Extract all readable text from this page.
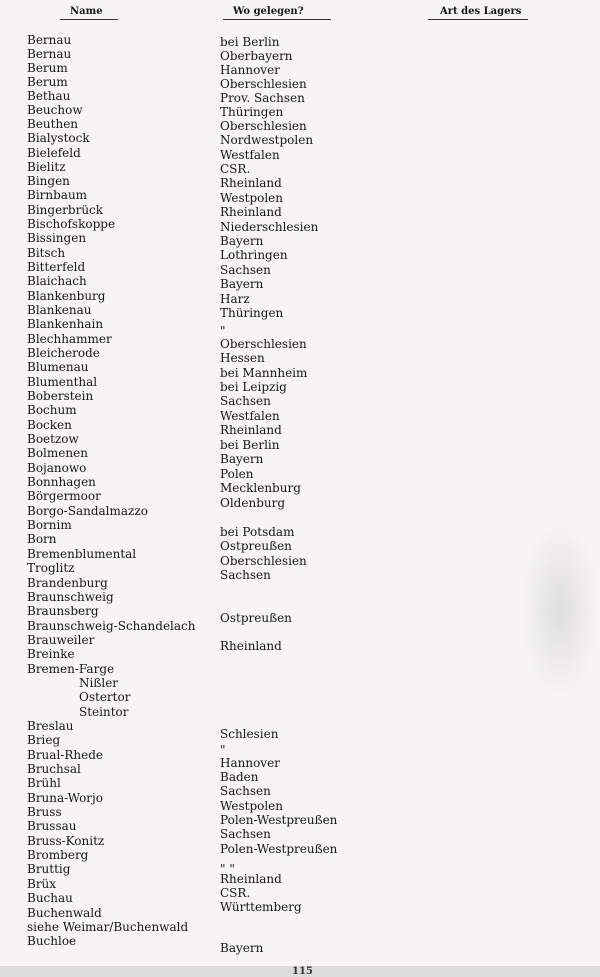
Name	Wo gelegen?	Art des Lagers
Bernau
Bernau
Berum
Berum
Bethau
Beuchow
Beuthen
Bialystock
Bielefeld
Bielitz
Bingen
Birnbaum
Bingerbrück
Bischofskoppe
Bissingen
Bitsch
Bitterfeld
Blaichach
Blankenburg
Blankenau
Blankenhain
Blechhammer
Bleicherode
Blumenau
Blumenthal
Boberstein
Bochum
Bocken
Boetzow
Bolmenen
Bojanowo
Bonnhagen
Börgermoor
Borgo-Sandalmazzo
Bornim
Born
Bremenblumental
Troglitz
Brandenburg
Braunschweig
Braunsberg
Braunschweig-Schandelach
Brauweiler
Breinke
Bremen-Farge
Nißler
Ostertor
Steintor
Breslau
Brieg
Brual-Rhede
Bruchsal
Brühl
Bruna-Worjo
Bruss
Brussau
Bruss-Konitz
Bromberg
Bruttig
Brüx
Buchau
Buchenwald
siehe Weimar/Buchenwald
Buchloe
bei Berlin
Oberbayern
Hannover
Oberschlesien
Prov. Sachsen
Thüringen
Oberschlesien
Nordwestpolen
Westfalen
CSR.
Rheinland
Westpolen
Rheinland
Niederschlesien
Bayern
Lothringen
Sachsen
Bayern
Harz
Thüringen
"
Oberschlesien
Hessen
bei Mannheim
bei Leipzig
Sachsen
Westfalen
Rheinland
bei Berlin
Bayern
Polen
Mecklenburg
Oldenburg
bei Potsdam
Ostpreußen
Oberschlesien
Sachsen
Ostpreußen
Rheinland
Schlesien
"
Hannover
Baden
Sachsen
Westpolen
Polen-Westpreußen
Sachsen
Polen-Westpreußen
" "
Rheinland
CSR.
Württemberg
Bayern
115
